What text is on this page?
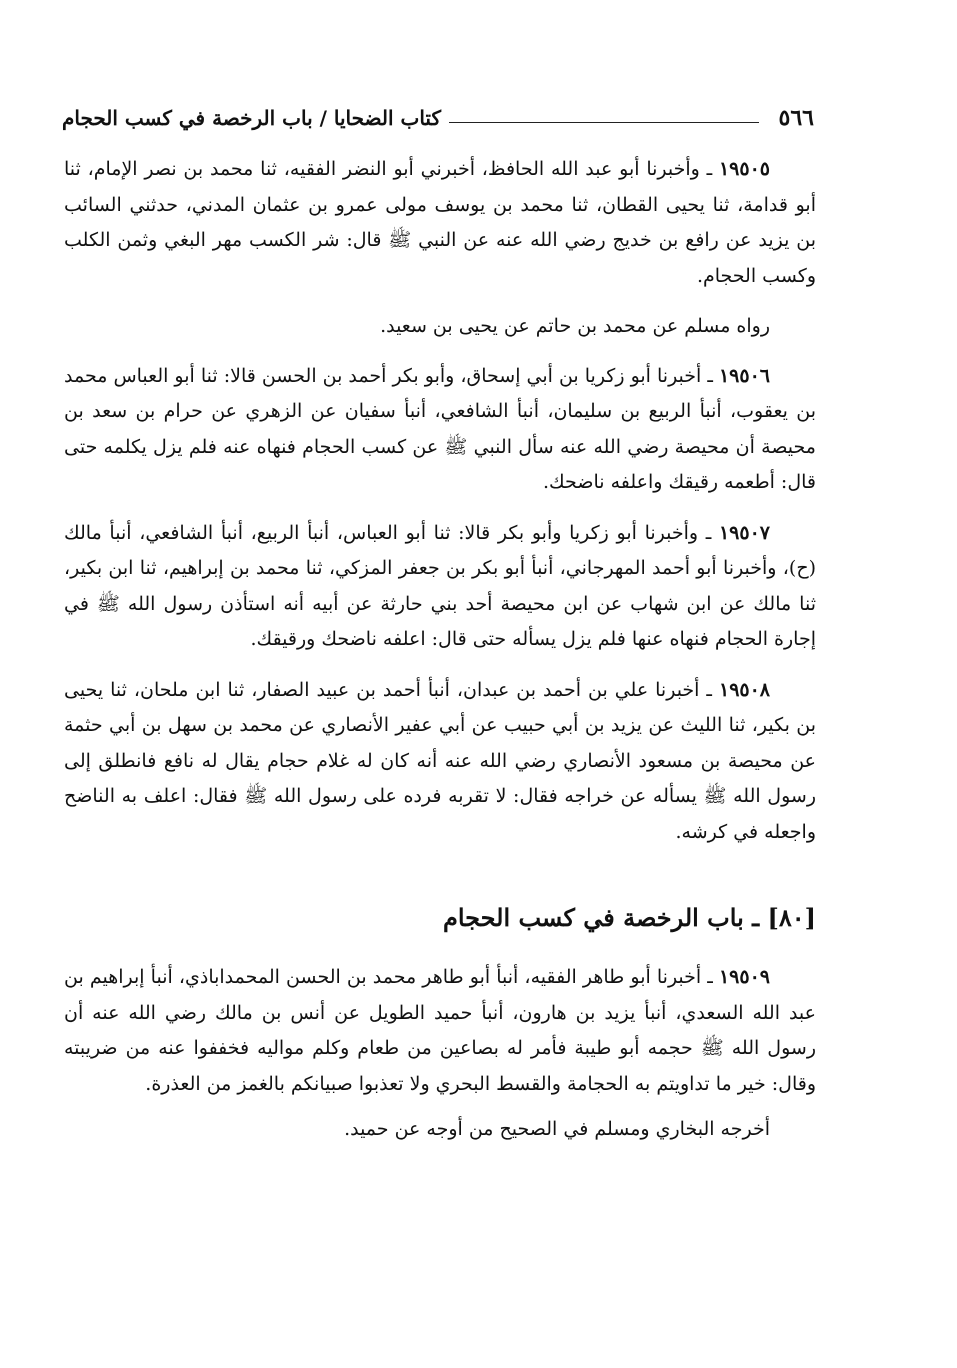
٥٦٦
كتاب الضحايا / باب الرخصة في كسب الحجام

١٩٥٠٥ ـ وأخبرنا أبو عبد الله الحافظ، أخبرني أبو النضر الفقيه، ثنا محمد بن نصر الإمام، ثنا أبو قدامة، ثنا يحيى القطان، ثنا محمد بن يوسف مولى عمرو بن عثمان المدني، حدثني السائب بن يزيد عن رافع بن خديج رضي الله عنه عن النبي ﷺ قال: شر الكسب مهر البغي وثمن الكلب وكسب الحجام.

رواه مسلم عن محمد بن حاتم عن يحيى بن سعيد.

١٩٥٠٦ ـ أخبرنا أبو زكريا بن أبي إسحاق، وأبو بكر أحمد بن الحسن قالا: ثنا أبو العباس محمد بن يعقوب، أنبأ الربيع بن سليمان، أنبأ الشافعي، أنبأ سفيان عن الزهري عن حرام بن سعد بن محيصة أن محيصة رضي الله عنه سأل النبي ﷺ عن كسب الحجام فنهاه عنه فلم يزل يكلمه حتى قال: أطعمه رقيقك واعلفه ناضحك.

١٩٥٠٧ ـ وأخبرنا أبو زكريا وأبو بكر قالا: ثنا أبو العباس، أنبأ الربيع، أنبأ الشافعي، أنبأ مالك (ح)، وأخبرنا أبو أحمد المهرجاني، أنبأ أبو بكر بن جعفر المزكي، ثنا محمد بن إبراهيم، ثنا ابن بكير، ثنا مالك عن ابن شهاب عن ابن محيصة أحد بني حارثة عن أبيه أنه استأذن رسول الله ﷺ في إجارة الحجام فنهاه عنها فلم يزل يسأله حتى قال: اعلفه ناضحك ورقيقك.

١٩٥٠٨ ـ أخبرنا علي بن أحمد بن عبدان، أنبأ أحمد بن عبيد الصفار، ثنا ابن ملحان، ثنا يحيى بن بكير، ثنا الليث عن يزيد بن أبي حبيب عن أبي عفير الأنصاري عن محمد بن سهل بن أبي حثمة عن محيصة بن مسعود الأنصاري رضي الله عنه أنه كان له غلام حجام يقال له نافع فانطلق إلى رسول الله ﷺ يسأله عن خراجه فقال: لا تقربه فرده على رسول الله ﷺ فقال: اعلف به الناضح واجعله في كرشه.

[٨٠] ـ باب الرخصة في كسب الحجام

١٩٥٠٩ ـ أخبرنا أبو طاهر الفقيه، أنبأ أبو طاهر محمد بن الحسن المحمداباذي، أنبأ إبراهيم بن عبد الله السعدي، أنبأ يزيد بن هارون، أنبأ حميد الطويل عن أنس بن مالك رضي الله عنه أن رسول الله ﷺ حجمه أبو طيبة فأمر له بصاعين من طعام وكلم مواليه فخففوا عنه من ضريبته وقال: خير ما تداويتم به الحجامة والقسط البحري ولا تعذبوا صبيانكم بالغمز من العذرة.

أخرجه البخاري ومسلم في الصحيح من أوجه عن حميد.
